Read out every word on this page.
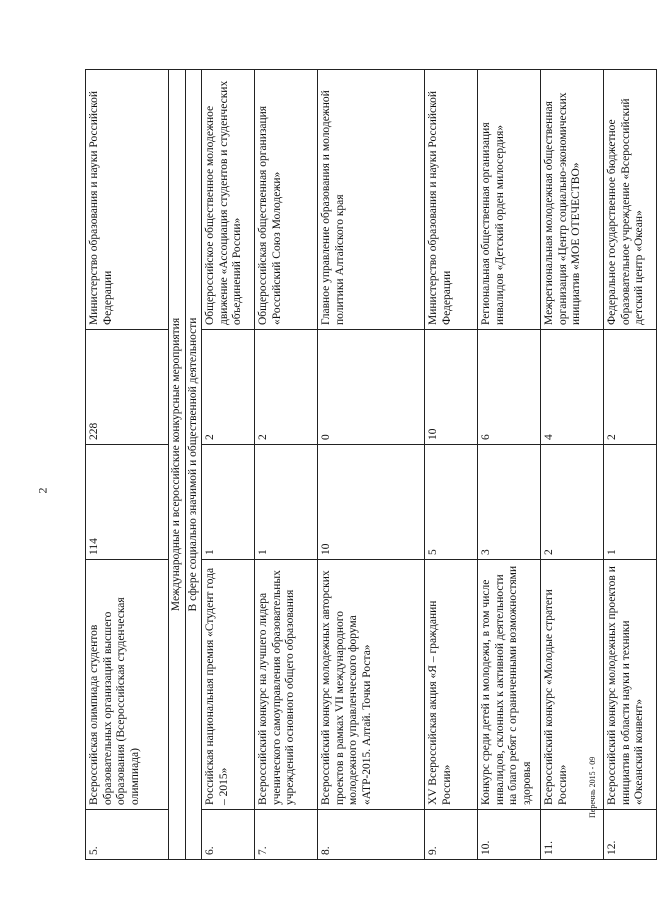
2
5.	Всероссийская олимпиада студентов образовательных организаций высшего образования (Всероссийская студенческая олимпиада)	114	228	Министерство образования и науки Российской Федерации
Международные и всероссийские конкурсные мероприятия				
В сфере социально значимой и общественной деятельности				
6.	Российская национальная премия «Студент года – 2015»	1	2	Общероссийское общественное молодежное движение «Ассоциация студентов и студенческих объединений России»
7.	Всероссийский конкурс на лучшего лидера ученического самоуправления образовательных учреждений основного общего образования	1	2	Общероссийская общественная организация «Российский Союз Молодежи»
8.	Всероссийский конкурс молодежных авторских проектов в рамках VII международного молодежного управленческого форума «АТР-2015. Алтай. Точки Роста»	10	0	Главное управление образования и молодежной политики Алтайского края
9.	XV Всероссийская акция «Я – гражданин России»	5	10	Министерство образования и науки Российской Федерации
10.	Конкурс среди детей и молодежи, в том числе инвалидов, склонных к активной деятельности на благо ребят с ограниченными возможностями здоровья	3	6	Региональная общественная организация инвалидов «Детский орден милосердия»
11.	Всероссийский конкурс «Молодые стратеги России»	2	4	Межрегиональная молодежная общественная организация «Центр социально-экономических инициатив «МОЕ ОТЕЧЕСТВО»
12.	Всероссийский конкурс молодежных проектов и инициатив в области науки и техники «Океанский конвент»	1	2	Федеральное государственное бюджетное образовательное учреждение «Всероссийский детский центр «Океан»
Перечнь 2015 - 09
